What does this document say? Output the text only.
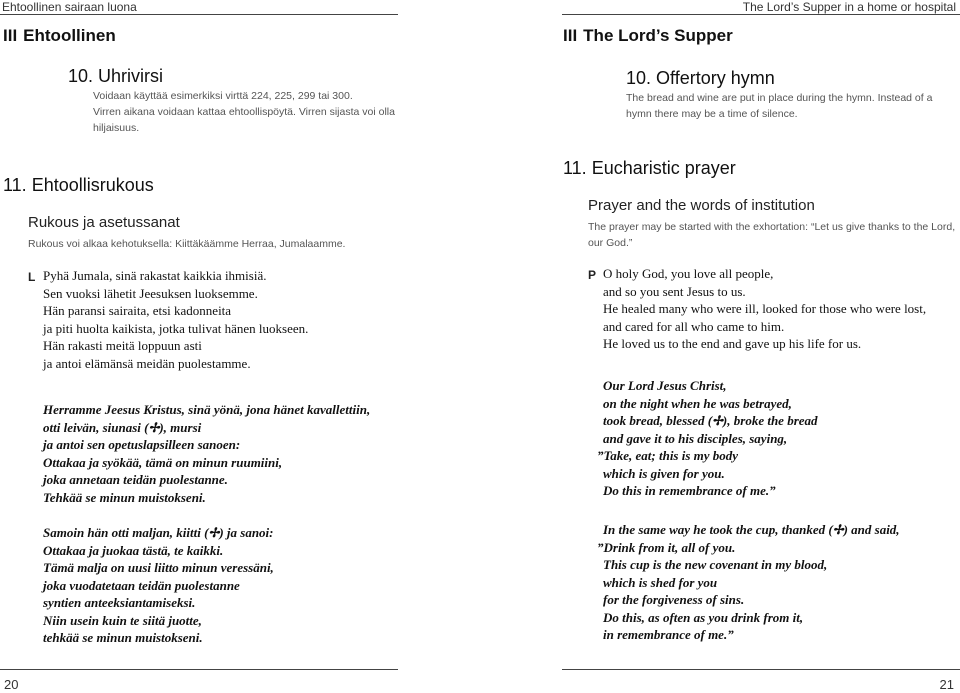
Ehtoollinen sairaan luona
III Ehtoollinen
10. Uhrivirsi
Voidaan käyttää esimerkiksi virttä 224, 225, 299 tai 300.
Virren aikana voidaan kattaa ehtoollispöytä. Virren sijasta voi olla
hiljaisuus.
11. Ehtoollisrukous
Rukous ja asetussanat
Rukous voi alkaa kehotuksella: Kiittäkäämme Herraa, Jumalaamme.
L Pyhä Jumala, sinä rakastat kaikkia ihmisiä.
Sen vuoksi lähetit Jeesuksen luoksemme.
Hän paransi sairaita, etsi kadonneita
ja piti huolta kaikista, jotka tulivat hänen luokseen.
Hän rakasti meitä loppuun asti
ja antoi elämänsä meidän puolestamme.
Herramme Jeesus Kristus, sinä yönä, jona hänet kavallettiin,
otti leivän, siunasi (✢), mursi
ja antoi sen opetuslapsilleen sanoen:
Ottakaa ja syökää, tämä on minun ruumiini,
joka annetaan teidän puolestanne.
Tehkää se minun muistokseni.
Samoin hän otti maljan, kiitti (✢) ja sanoi:
Ottakaa ja juokaa tästä, te kaikki.
Tämä malja on uusi liitto minun veressäni,
joka vuodatetaan teidän puolestanne
syntien anteeksiantamiseksi.
Niin usein kuin te siitä juotte,
tehkää se minun muistokseni.
20
The Lord’s Supper in a home or hospital
III The Lord’s Supper
10. Offertory hymn
The bread and wine are put in place during the hymn. Instead of a
hymn there may be a time of silence.
11. Eucharistic prayer
Prayer and the words of institution
The prayer may be started with the exhortation: “Let us give thanks to the Lord,
our God.”
P O holy God, you love all people,
and so you sent Jesus to us.
He healed many who were ill, looked for those who were lost,
and cared for all who came to him.
He loved us to the end and gave up his life for us.
Our Lord Jesus Christ,
on the night when he was betrayed,
took bread, blessed (✢), broke the bread
and gave it to his disciples, saying,
”Take, eat; this is my body
which is given for you.
Do this in remembrance of me.”
In the same way he took the cup, thanked (✢) and said,
”Drink from it, all of you.
This cup is the new covenant in my blood,
which is shed for you
for the forgiveness of sins.
Do this, as often as you drink from it,
in remembrance of me.”
21
